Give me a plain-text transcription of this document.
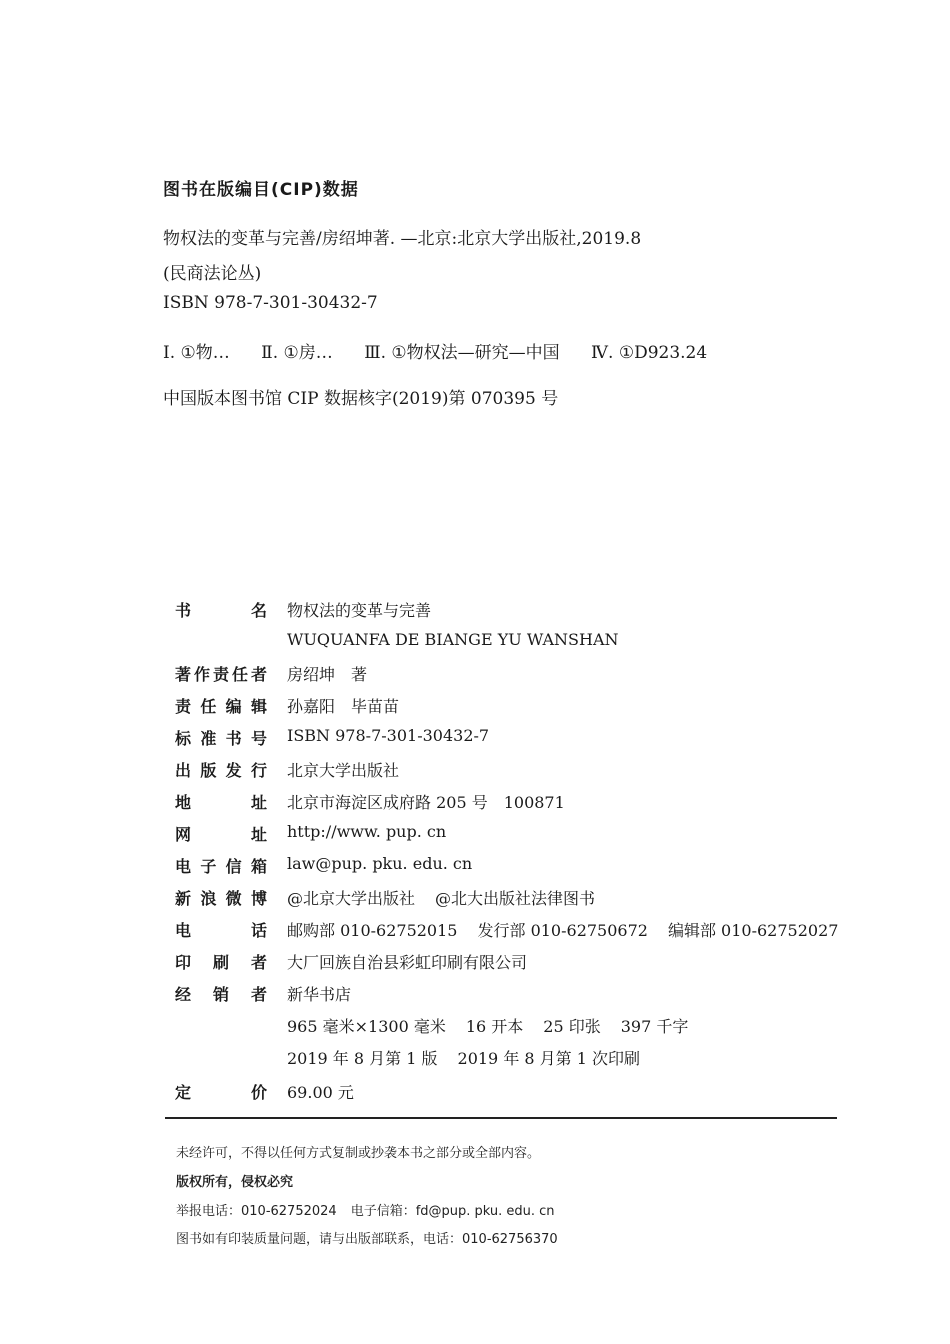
图书在版编目(CIP)数据
物权法的变革与完善/房绍坤著. —北京:北京大学出版社,2019.8
(民商法论丛)
ISBN 978-7-301-30432-7
Ⅰ. ①物… Ⅱ. ①房… Ⅲ. ①物权法—研究—中国 Ⅳ. ①D923.24
中国版本图书馆 CIP 数据核字(2019)第 070395 号
书	名 物权法的变革与完善
WUQUANFA DE BIANGE YU WANSHAN
著 作 责 任 者 房绍坤　著
责 任 编 辑 孙嘉阳　毕苗苗
标 准 书 号 ISBN 978-7-301-30432-7
出 版 发 行 北京大学出版社
地	址 北京市海淀区成府路 205 号　100871
网	址 http://www. pup. cn
电 子 信 箱 law@pup. pku. edu. cn
新 浪 微 博 @北京大学出版社 @北大出版社法律图书
电	话 邮购部 010-62752015 发行部 010-62750672 编辑部 010-62752027
印 刷 者 大厂回族自治县彩虹印刷有限公司
经 销 者 新华书店
965 毫米×1300 毫米 16 开本 25 印张 397 千字
2019 年 8 月第 1 版 2019 年 8 月第 1 次印刷
定	价 69.00 元
未经许可，不得以任何方式复制或抄袭本书之部分或全部内容。
版权所有，侵权必究
举报电话：010-62752024 电子信箱：fd@pup. pku. edu. cn
图书如有印装质量问题，请与出版部联系，电话：010-62756370
